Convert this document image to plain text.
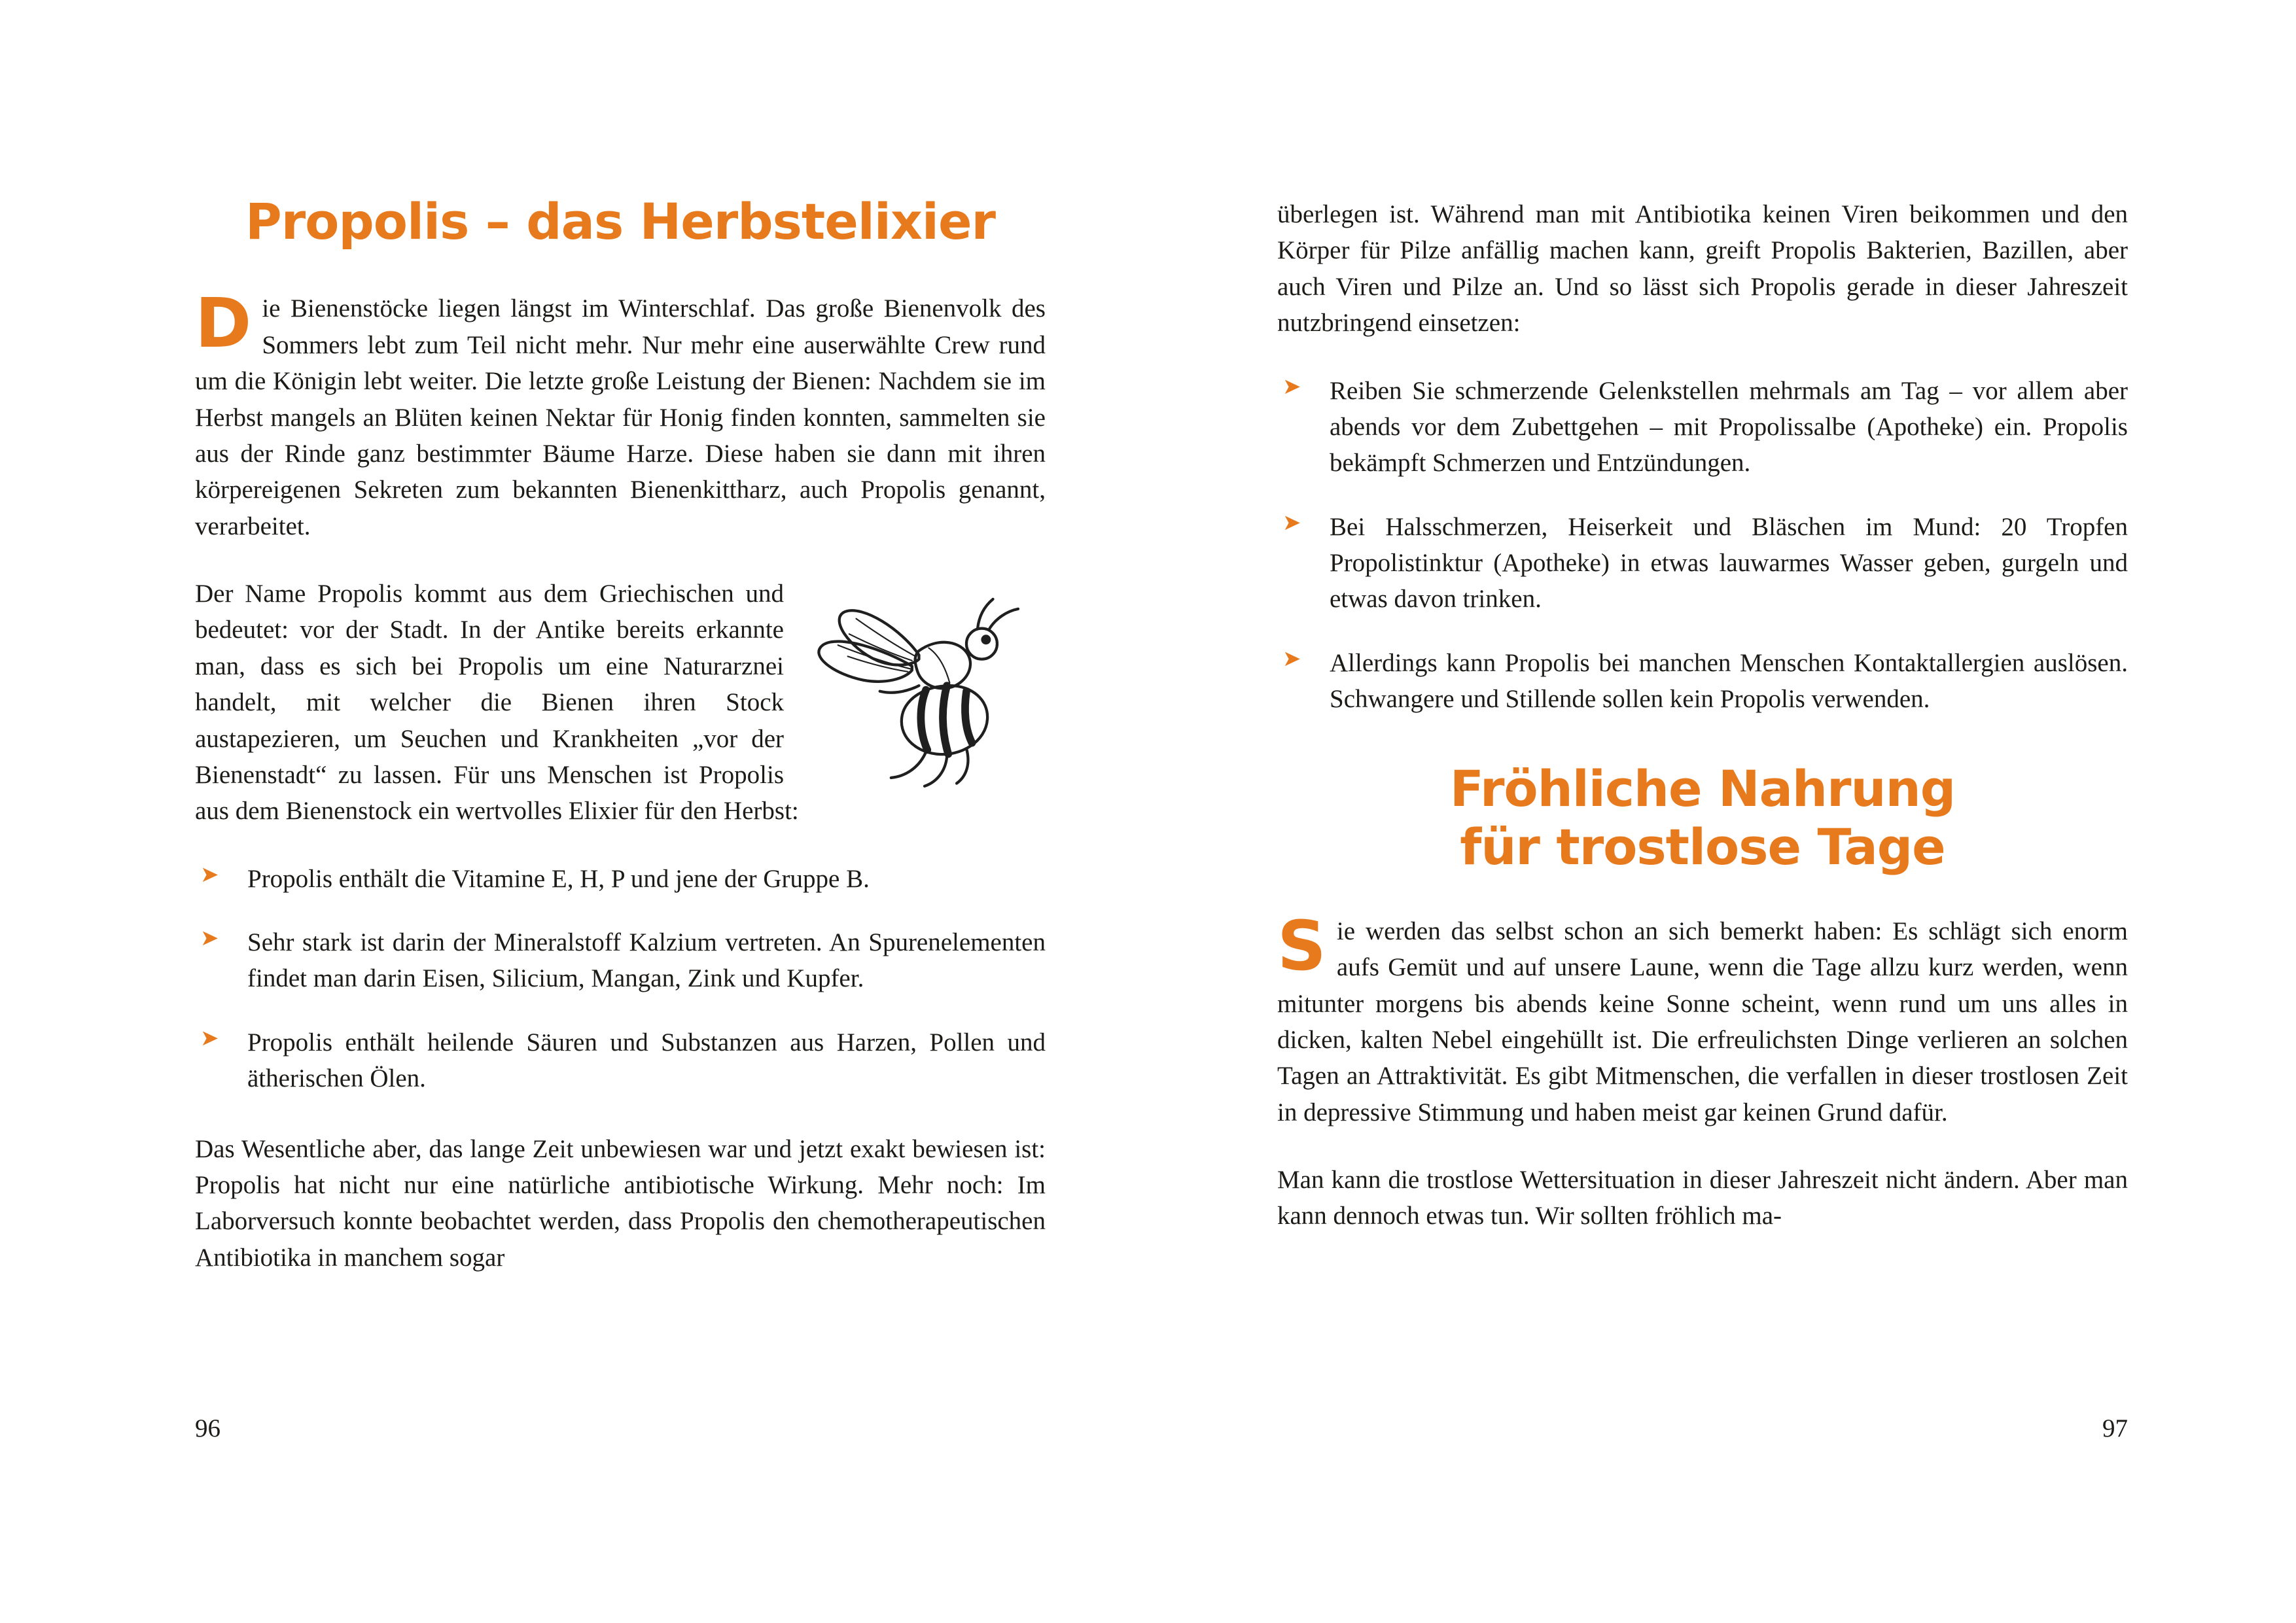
Propolis – das Herbstelixier

Die Bienenstöcke liegen längst im Winterschlaf. Das große Bienenvolk des Sommers lebt zum Teil nicht mehr. Nur mehr eine auserwählte Crew rund um die Königin lebt weiter. Die letzte große Leistung der Bienen: Nachdem sie im Herbst mangels an Blüten keinen Nektar für Honig finden konnten, sammelten sie aus der Rinde ganz bestimmter Bäume Harze. Diese haben sie dann mit ihren körpereigenen Sekreten zum bekannten Bienenkittharz, auch Propolis genannt, verarbeitet.

Der Name Propolis kommt aus dem Griechischen und bedeutet: vor der Stadt. In der Antike bereits erkannte man, dass es sich bei Propolis um eine Naturarznei handelt, mit welcher die Bienen ihren Stock austapezieren, um Seuchen und Krankheiten „vor der Bienenstadt“ zu lassen. Für uns Menschen ist Propolis aus dem Bienenstock ein wertvolles Elixier für den Herbst:

➤ Propolis enthält die Vitamine E, H, P und jene der Gruppe B.
➤ Sehr stark ist darin der Mineralstoff Kalzium vertreten. An Spurenelementen findet man darin Eisen, Silicium, Mangan, Zink und Kupfer.
➤ Propolis enthält heilende Säuren und Substanzen aus Harzen, Pollen und ätherischen Ölen.

Das Wesentliche aber, das lange Zeit unbewiesen war und jetzt exakt bewiesen ist: Propolis hat nicht nur eine natürliche antibiotische Wirkung. Mehr noch: Im Laborversuch konnte beobachtet werden, dass Propolis den chemotherapeutischen Antibiotika in manchem sogar

überlegen ist. Während man mit Antibiotika keinen Viren beikommen und den Körper für Pilze anfällig machen kann, greift Propolis Bakterien, Bazillen, aber auch Viren und Pilze an. Und so lässt sich Propolis gerade in dieser Jahreszeit nutzbringend einsetzen:

➤ Reiben Sie schmerzende Gelenkstellen mehrmals am Tag – vor allem aber abends vor dem Zubettgehen – mit Propolissalbe (Apotheke) ein. Propolis bekämpft Schmerzen und Entzündungen.
➤ Bei Halsschmerzen, Heiserkeit und Bläschen im Mund: 20 Tropfen Propolistinktur (Apotheke) in etwas lauwarmes Wasser geben, gurgeln und etwas davon trinken.
➤ Allerdings kann Propolis bei manchen Menschen Kontaktallergien auslösen. Schwangere und Stillende sollen kein Propolis verwenden.
Fröhliche Nahrung
für trostlose Tage

Sie werden das selbst schon an sich bemerkt haben: Es schlägt sich enorm aufs Gemüt und auf unsere Laune, wenn die Tage allzu kurz werden, wenn mitunter morgens bis abends keine Sonne scheint, wenn rund um uns alles in dicken, kalten Nebel eingehüllt ist. Die erfreulichsten Dinge verlieren an solchen Tagen an Attraktivität. Es gibt Mitmenschen, die verfallen in dieser trostlosen Zeit in depressive Stimmung und haben meist gar keinen Grund dafür.

Man kann die trostlose Wettersituation in dieser Jahreszeit nicht ändern. Aber man kann dennoch etwas tun. Wir sollten fröhlich ma-

96	97
